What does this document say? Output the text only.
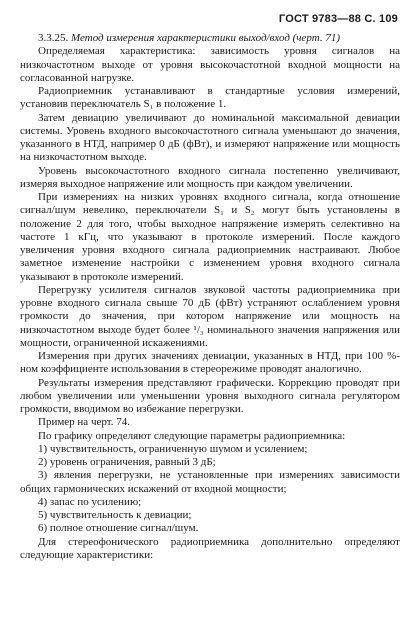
ГОСТ 9783—88 С. 109

3.3.25. Метод измерения характеристики выход/вход (черт. 71)

Определяемая характеристика: зависимость уровня сигналов на низкочастотном выходе от уровня высокочастотной входной мощности на согласованной нагрузке.

Радиоприемник устанавливают в стандартные условия измерений, установив переключатель S₁ в положение 1.

Затем девиацию увеличивают до номинальной максимальной девиации системы. Уровень входного высокочастотного сигнала уменьшают до значения, указанного в НТД, например 0 дБ (фВт), и измеряют напряжение или мощность на низкочастотном выходе.

Уровень высокочастотного входного сигнала постепенно увеличивают, измеряя выходное напряжение или мощность при каждом увеличении.

При измерениях на низких уровнях входного сигнала, когда отношение сигнал/шум невелико, переключатели S₁ и S₂ могут быть установлены в положение 2 для того, чтобы выходное напряжение измерять селективно на частоте 1 кГц, что указывают в протоколе измерений. После каждого увеличения уровня входного сигнала радиоприемник настраивают. Любое заметное изменение настройки с изменением уровня входного сигнала указывают в протоколе измерений.

Перегрузку усилителя сигналов звуковой частоты радиоприемника при уровне входного сигнала свыше 70 дБ (фВт) устраняют ослаблением уровня громкости до значения, при котором напряжение или мощность на низкочастотном выходе будет более ¹/₃ номинального значения напряжения или мощности, ограниченной искажениями.

Измерения при других значениях девиации, указанных в НТД, при 100 %-ном коэффициенте использования в стереорежиме проводят аналогично.

Результаты измерения представляют графически. Коррекцию проводят при любом увеличении или уменьшении уровня выходного сигнала регулятором громкости, вводимом во избежание перегрузки.

Пример на черт. 74.

По графику определяют следующие параметры радиоприемника:

1) чувствительность, ограниченную шумом и усилением;

2) уровень ограничения, равный 3 дБ;

3) явления перегрузки, не установленные при измерениях зависимости общих гармонических искажений от входной мощности;

4) запас по усилению;

5) чувствительность к девиации;

6) полное отношение сигнал/шум.

Для стереофонического радиоприемника дополнительно определяют следующие характеристики:
